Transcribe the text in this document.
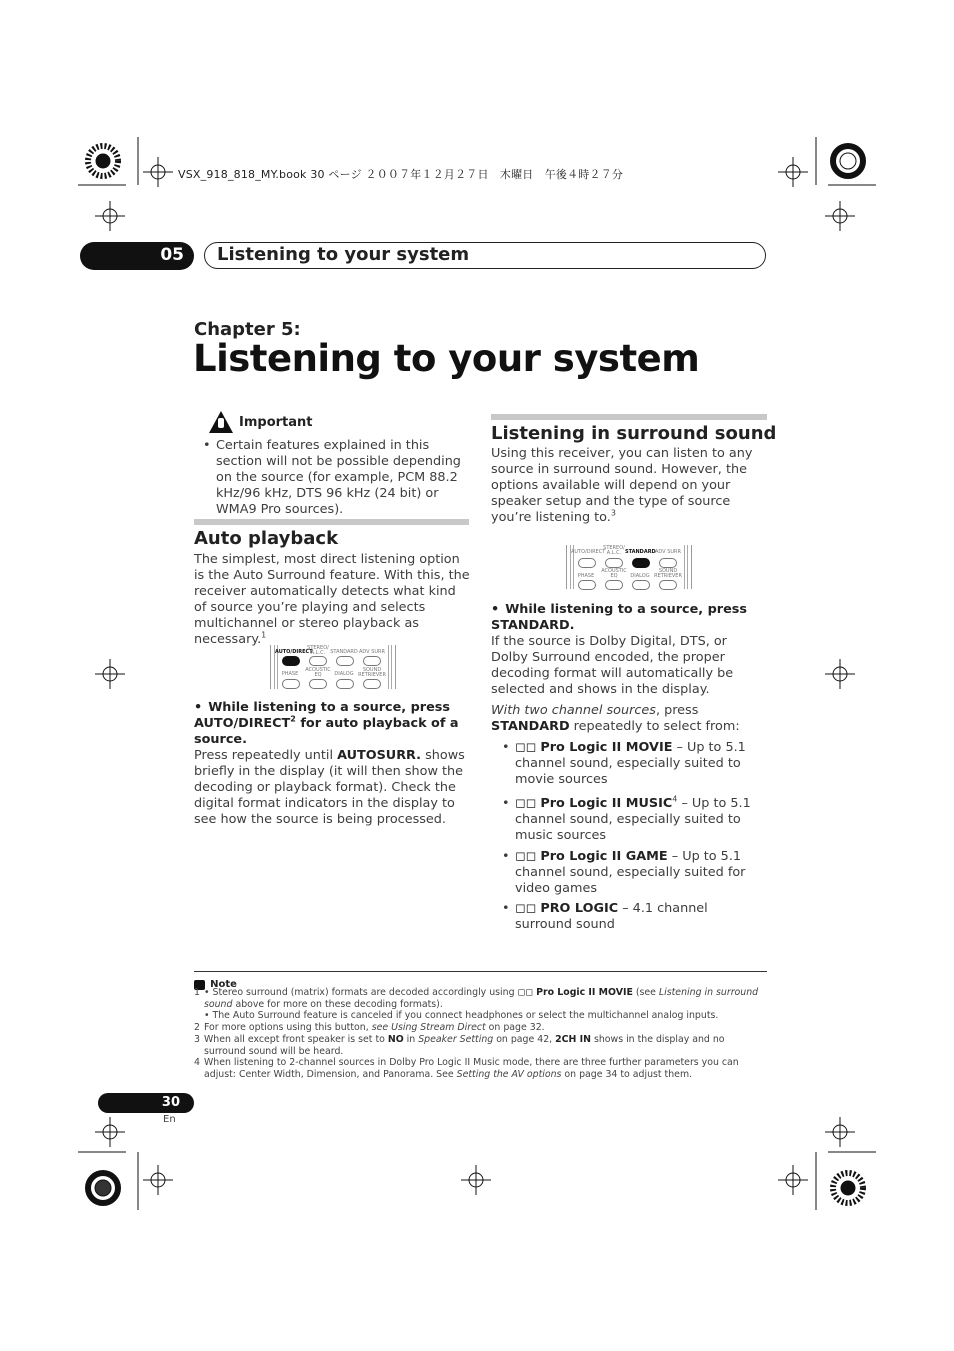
VSX_918_818_MY.book 30 ページ ２００７年１２月２７日　木曜日　午後４時２７分
05	Listening to your system
Chapter 5:
Listening to your system
Important
• Certain features explained in this section will not be possible depending on the source (for example, PCM 88.2 kHz/96 kHz, DTS 96 kHz (24 bit) or WMA9 Pro sources).
Auto playback
The simplest, most direct listening option is the Auto Surround feature. With this, the receiver automatically detects what kind of source you’re playing and selects multichannel or stereo playback as necessary.$^1$
AUTO/DIRECT
STEREO/ A.L.C.	STANDARD ADV SURR
PHASE
ACOUSTIC EQ	DIALOG
SOUND RETRIEVER
• While listening to a source, press AUTO/DIRECT$^2$ for auto playback of a source.
Press repeatedly until AUTOSURR. shows briefly in the display (it will then show the decoding or playback format). Check the digital format indicators in the display to see how the source is being processed.
Listening in surround sound
Using this receiver, you can listen to any source in surround sound. However, the options available will depend on your speaker setup and the type of source you’re listening to.$^3$
AUTO/DIRECT
STEREO/ A.L.C. STANDARD ADV SURR
PHASE
ACOUSTIC EQ	DIALOG
SOUND RETRIEVER
• While listening to a source, press STANDARD.
If the source is Dolby Digital, DTS, or Dolby Surround encoded, the proper decoding format will automatically be selected and shows in the display.
With two channel sources, press STANDARD repeatedly to select from:
• ◻◻ Pro Logic II MOVIE – Up to 5.1 channel sound, especially suited to movie sources
• ◻◻ Pro Logic II MUSIC$^4$ – Up to 5.1 channel sound, especially suited to music sources
• ◻◻ Pro Logic II GAME – Up to 5.1 channel sound, especially suited for video games
• ◻◻ PRO LOGIC – 4.1 channel surround sound
Note
1 • Stereo surround (matrix) formats are decoded accordingly using ◻◻ Pro Logic II MOVIE (see Listening in surround sound above for more on these decoding formats).
• The Auto Surround feature is canceled if you connect headphones or select the multichannel analog inputs.
2 For more options using this button, see Using Stream Direct on page 32.
3 When all except front speaker is set to NO in Speaker Setting on page 42, 2CH IN shows in the display and no surround sound will be heard.
4 When listening to 2-channel sources in Dolby Pro Logic II Music mode, there are three further parameters you can adjust: Center Width, Dimension, and Panorama. See Setting the AV options on page 34 to adjust them.
30
En
